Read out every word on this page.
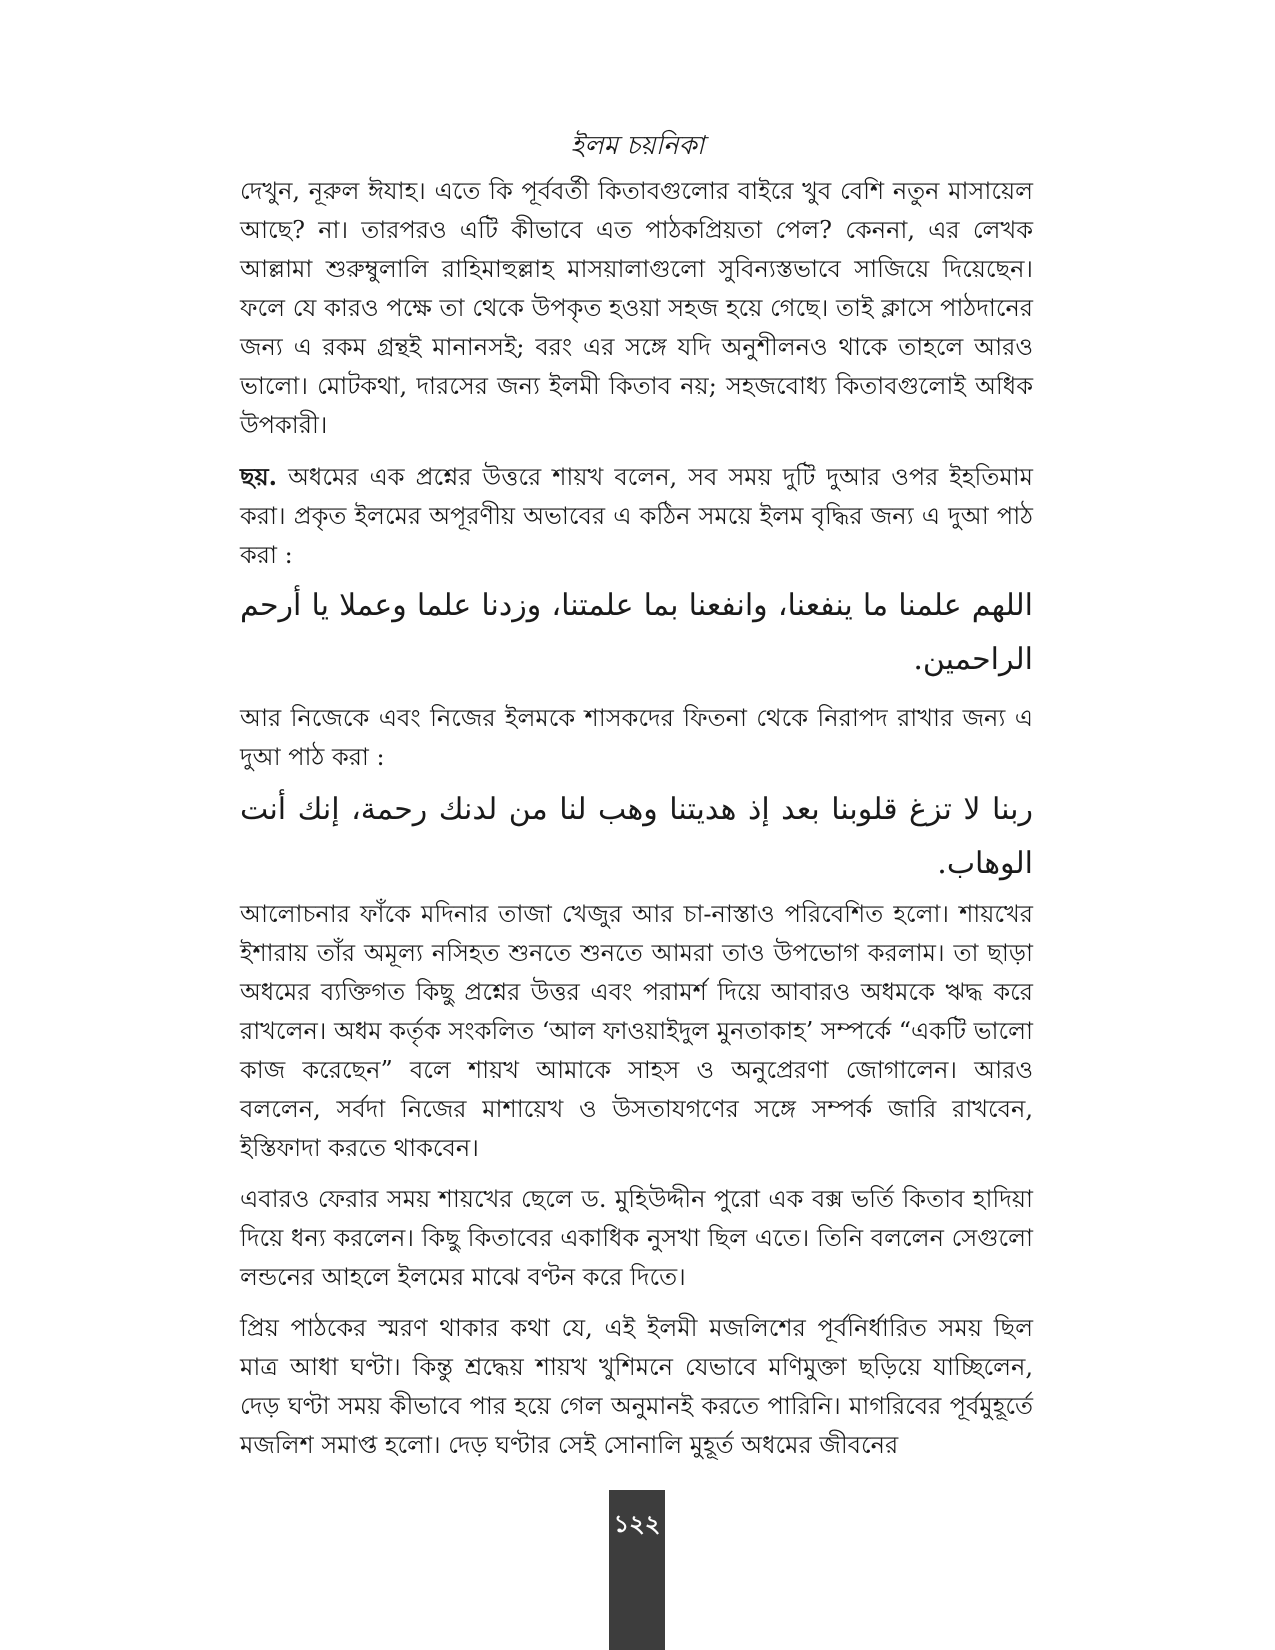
ইলম চয়নিকা

দেখুন, নূরুল ঈযাহ। এতে কি পূর্ববর্তী কিতাবগুলোর বাইরে খুব বেশি নতুন মাসায়েল আছে? না। তারপরও এটি কীভাবে এত পাঠকপ্রিয়তা পেল? কেননা, এর লেখক আল্লামা শুরুম্বুলালি রাহিমাহুল্লাহ মাসয়ালাগুলো সুবিন্যস্তভাবে সাজিয়ে দিয়েছেন। ফলে যে কারও পক্ষে তা থেকে উপকৃত হওয়া সহজ হয়ে গেছে। তাই ক্লাসে পাঠদানের জন্য এ রকম গ্রন্থই মানানসই; বরং এর সঙ্গে যদি অনুশীলনও থাকে তাহলে আরও ভালো। মোটকথা, দারসের জন্য ইলমী কিতাব নয়; সহজবোধ্য কিতাবগুলোই অধিক উপকারী।

ছয়. অধমের এক প্রশ্নের উত্তরে শায়খ বলেন, সব সময় দুটি দুআর ওপর ইহতিমাম করা। প্রকৃত ইলমের অপূরণীয় অভাবের এ কঠিন সময়ে ইলম বৃদ্ধির জন্য এ দুআ পাঠ করা :

اللهم علمنا ما ينفعنا، وانفعنا بما علمتنا، وزدنا علما وعملا يا أرحم الراحمين.

আর নিজেকে এবং নিজের ইলমকে শাসকদের ফিতনা থেকে নিরাপদ রাখার জন্য এ দুআ পাঠ করা :

ربنا لا تزغ قلوبنا بعد إذ هديتنا وهب لنا من لدنك رحمة، إنك أنت الوهاب.

আলোচনার ফাঁকে মদিনার তাজা খেজুর আর চা-নাস্তাও পরিবেশিত হলো। শায়খের ইশারায় তাঁর অমূল্য নসিহত শুনতে শুনতে আমরা তাও উপভোগ করলাম। তা ছাড়া অধমের ব্যক্তিগত কিছু প্রশ্নের উত্তর এবং পরামর্শ দিয়ে আবারও অধমকে ঋদ্ধ করে রাখলেন। অধম কর্তৃক সংকলিত ‘আল ফাওয়াইদুল মুনতাকাহ’ সম্পর্কে “একটি ভালো কাজ করেছেন” বলে শায়খ আমাকে সাহস ও অনুপ্রেরণা জোগালেন। আরও বললেন, সর্বদা নিজের মাশায়েখ ও উসতাযগণের সঙ্গে সম্পর্ক জারি রাখবেন, ইস্তিফাদা করতে থাকবেন।

এবারও ফেরার সময় শায়খের ছেলে ড. মুহিউদ্দীন পুরো এক বক্স ভর্তি কিতাব হাদিয়া দিয়ে ধন্য করলেন। কিছু কিতাবের একাধিক নুসখা ছিল এতে। তিনি বললেন সেগুলো লন্ডনের আহলে ইলমের মাঝে বণ্টন করে দিতে।

প্রিয় পাঠকের স্মরণ থাকার কথা যে, এই ইলমী মজলিশের পূর্বনির্ধারিত সময় ছিল মাত্র আধা ঘণ্টা। কিন্তু শ্রদ্ধেয় শায়খ খুশিমনে যেভাবে মণিমুক্তা ছড়িয়ে যাচ্ছিলেন, দেড় ঘণ্টা সময় কীভাবে পার হয়ে গেল অনুমানই করতে পারিনি। মাগরিবের পূর্বমুহূর্তে মজলিশ সমাপ্ত হলো। দেড় ঘণ্টার সেই সোনালি মুহূর্ত অধমের জীবনের

১২২
